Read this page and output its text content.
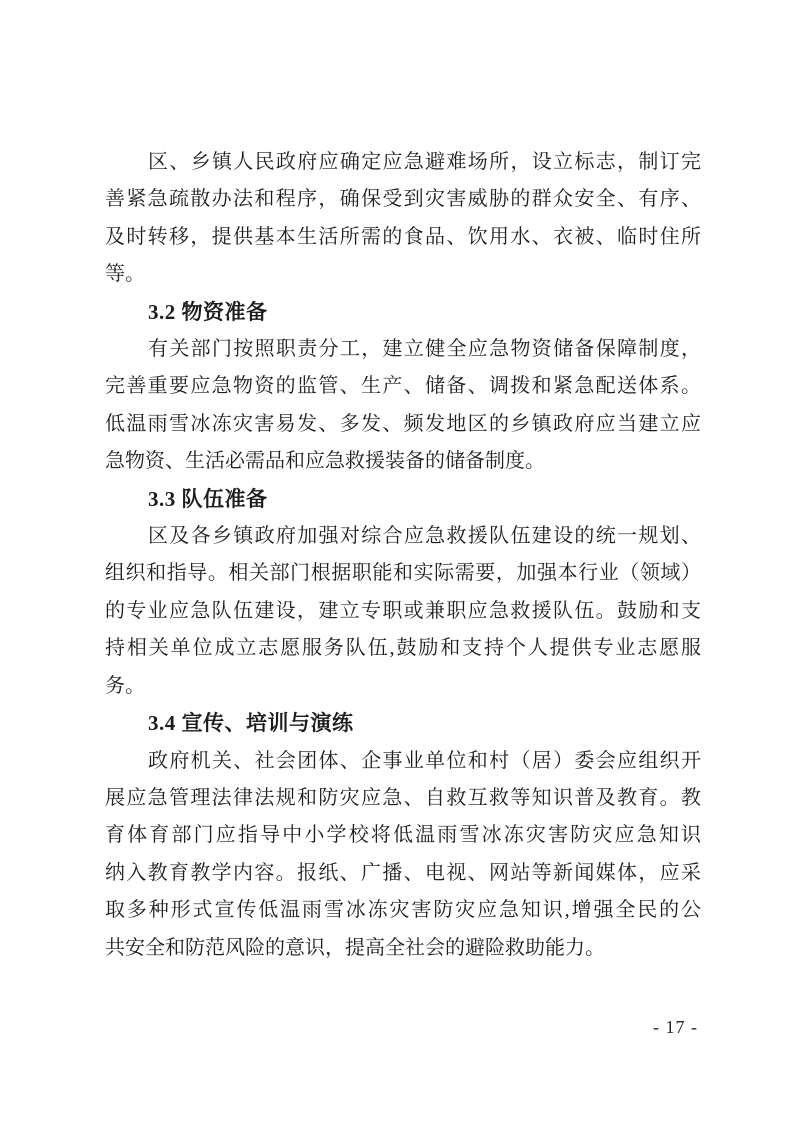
区、乡镇人民政府应确定应急避难场所，设立标志，制订完
善紧急疏散办法和程序，确保受到灾害威胁的群众安全、有序、
及时转移，提供基本生活所需的食品、饮用水、衣被、临时住所
等。
3.2 物资准备
有关部门按照职责分工，建立健全应急物资储备保障制度，
完善重要应急物资的监管、生产、储备、调拨和紧急配送体系。
低温雨雪冰冻灾害易发、多发、频发地区的乡镇政府应当建立应
急物资、生活必需品和应急救援装备的储备制度。
3.3 队伍准备
区及各乡镇政府加强对综合应急救援队伍建设的统一规划、
组织和指导。相关部门根据职能和实际需要，加强本行业（领域）
的专业应急队伍建设，建立专职或兼职应急救援队伍。鼓励和支
持相关单位成立志愿服务队伍,鼓励和支持个人提供专业志愿服
务。
3.4 宣传、培训与演练
政府机关、社会团体、企事业单位和村（居）委会应组织开
展应急管理法律法规和防灾应急、自救互救等知识普及教育。教
育体育部门应指导中小学校将低温雨雪冰冻灾害防灾应急知识
纳入教育教学内容。报纸、广播、电视、网站等新闻媒体，应采
取多种形式宣传低温雨雪冰冻灾害防灾应急知识,增强全民的公
共安全和防范风险的意识，提高全社会的避险救助能力。
- 17 -
